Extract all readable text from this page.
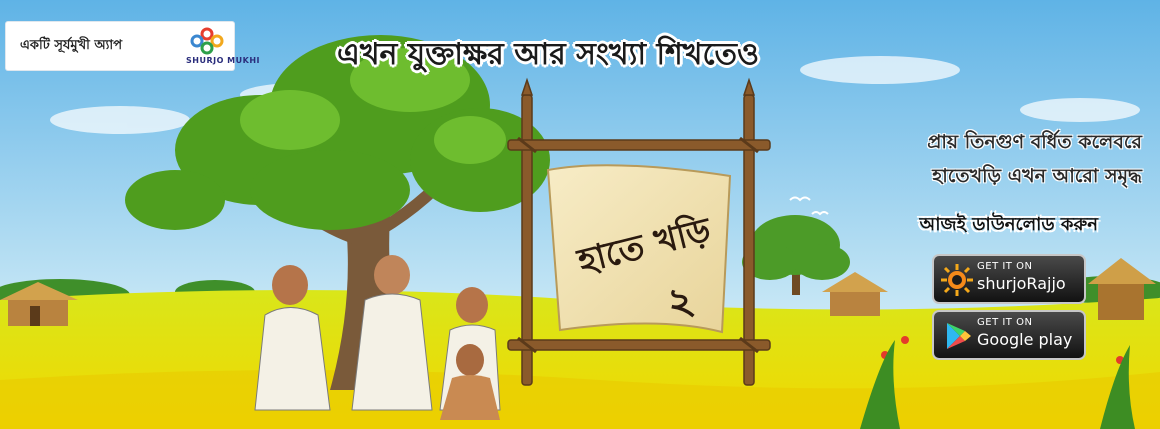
একটি সূর্যমুখী অ্যাপ
SHURJO MUKHI	এখন যুক্তাক্ষর আর সংখ্যা শিখতেও
হাতে খড়ি
২
প্রায় তিনগুণ বর্ধিত কলেবরে
হাতেখড়ি এখন আরো সমৃদ্ধ
আজই ডাউনলোড করুন
GET IT ON
shurjoRajjo
GET IT ON
Google play
